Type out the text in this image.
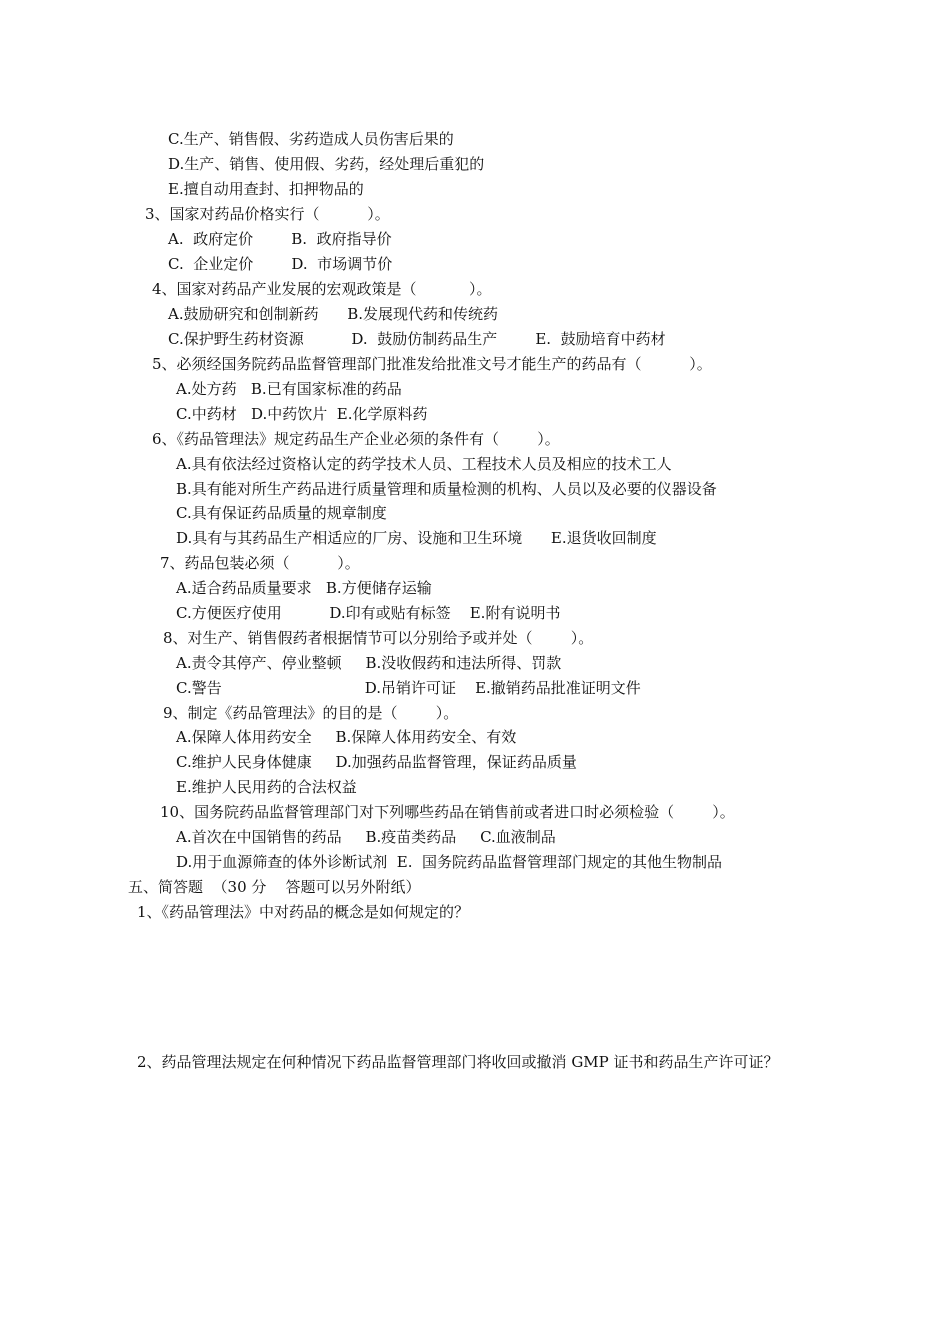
C.生产、销售假、劣药造成人员伤害后果的

D.生产、销售、使用假、劣药，经处理后重犯的

E.擅自动用查封、扣押物品的

3、国家对药品价格实行（          ）。

A.  政府定价        B.  政府指导价

C.  企业定价        D.  市场调节价

4、国家对药品产业发展的宏观政策是（           ）。

A.鼓励研究和创制新药      B.发展现代药和传统药

C.保护野生药材资源          D.  鼓励仿制药品生产        E.  鼓励培育中药材

5、必须经国务院药品监督管理部门批准发给批准文号才能生产的药品有（          ）。

A.处方药   B.已有国家标准的药品

C.中药材   D.中药饮片  E.化学原料药

6、《药品管理法》规定药品生产企业必须的条件有（        ）。

A.具有依法经过资格认定的药学技术人员、工程技术人员及相应的技术工人

B.具有能对所生产药品进行质量管理和质量检测的机构、人员以及必要的仪器设备

C.具有保证药品质量的规章制度

D.具有与其药品生产相适应的厂房、设施和卫生环境      E.退货收回制度

7、药品包装必须（          ）。

A.适合药品质量要求   B.方便储存运输

C.方便医疗使用          D.印有或贴有标签    E.附有说明书

8、对生产、销售假药者根据情节可以分别给予或并处（        ）。

A.责令其停产、停业整顿     B.没收假药和违法所得、罚款

C.警告                              D.吊销许可证    E.撤销药品批准证明文件

9、制定《药品管理法》的目的是（        ）。

A.保障人体用药安全     B.保障人体用药安全、有效

C.维护人民身体健康     D.加强药品监督管理，保证药品质量

E.维护人民用药的合法权益

10、国务院药品监督管理部门对下列哪些药品在销售前或者进口时必须检验（        ）。

A.首次在中国销售的药品     B.疫苗类药品     C.血液制品

D.用于血源筛查的体外诊断试剂  E.  国务院药品监督管理部门规定的其他生物制品

五、简答题  （30 分    答题可以另外附纸）

1、《药品管理法》中对药品的概念是如何规定的？

2、药品管理法规定在何种情况下药品监督管理部门将收回或撤消 GMP 证书和药品生产许可证？
